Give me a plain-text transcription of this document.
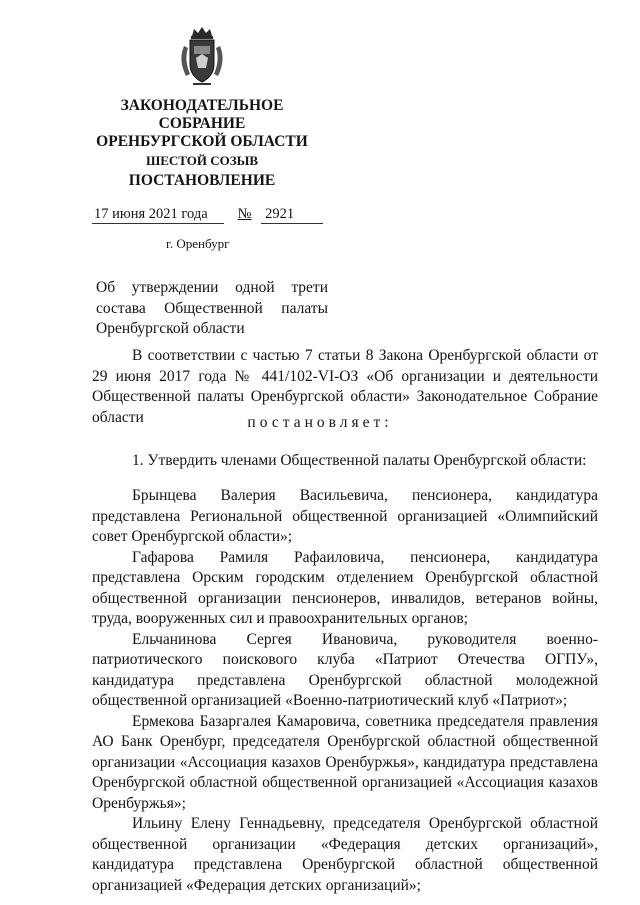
ЗАКОНОДАТЕЛЬНОЕ СОБРАНИЕ ОРЕНБУРГСКОЙ ОБЛАСТИ
ШЕСТОЙ СОЗЫВ
ПОСТАНОВЛЕНИЕ
17 июня 2021 года № 2921
г. Оренбург
Об утверждении одной трети состава Общественной палаты Оренбургской области
В соответствии с частью 7 статьи 8 Закона Оренбургской области от 29 июня 2017 года № 441/102-VI-ОЗ «Об организации и деятельности Общественной палаты Оренбургской области» Законодательное Собрание области	постановляет:
1. Утвердить членами Общественной палаты Оренбургской области:

Брынцева Валерия Васильевича, пенсионера, кандидатура представлена Региональной общественной организацией «Олимпийский совет Оренбургской области»;

Гафарова Рамиля Рафаиловича, пенсионера, кандидатура представлена Орским городским отделением Оренбургской областной общественной организации пенсионеров, инвалидов, ветеранов войны, труда, вооруженных сил и правоохранительных органов;

Ельчанинова Сергея Ивановича, руководителя военно-патриотического поискового клуба «Патриот Отечества ОГПУ», кандидатура представлена Оренбургской областной молодежной общественной организацией «Военно-патриотический клуб «Патриот»;

Ермекова Базаргалея Камаровича, советника председателя правления АО Банк Оренбург, председателя Оренбургской областной общественной организации «Ассоциация казахов Оренбуржья», кандидатура представлена Оренбургской областной общественной организацией «Ассоциация казахов Оренбуржья»;

Ильину Елену Геннадьевну, председателя Оренбургской областной общественной организации «Федерация детских организаций», кандидатура представлена Оренбургской областной общественной организацией «Федерация детских организаций»;
